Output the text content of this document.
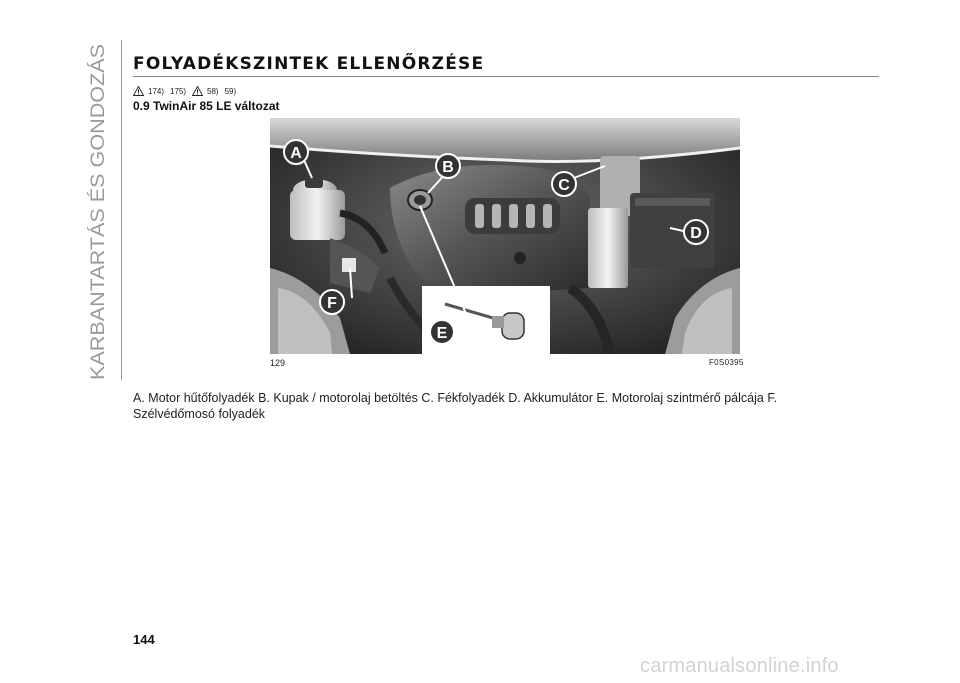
KARBANTARTÁS ÉS GONDOZÁS
FOLYADÉKSZINTEK ELLENŐRZÉSE
174) 175)	58) 59)
0.9 TwinAir 85 LE változat
A
B
C
D
E
F
129	F0S0395
A. Motor hűtőfolyadék B. Kupak / motorolaj betöltés C. Fékfolyadék D. Akkumulátor E. Motorolaj szintmérő pálcája F. Szélvédőmosó folyadék
144
carmanualsonline.info
